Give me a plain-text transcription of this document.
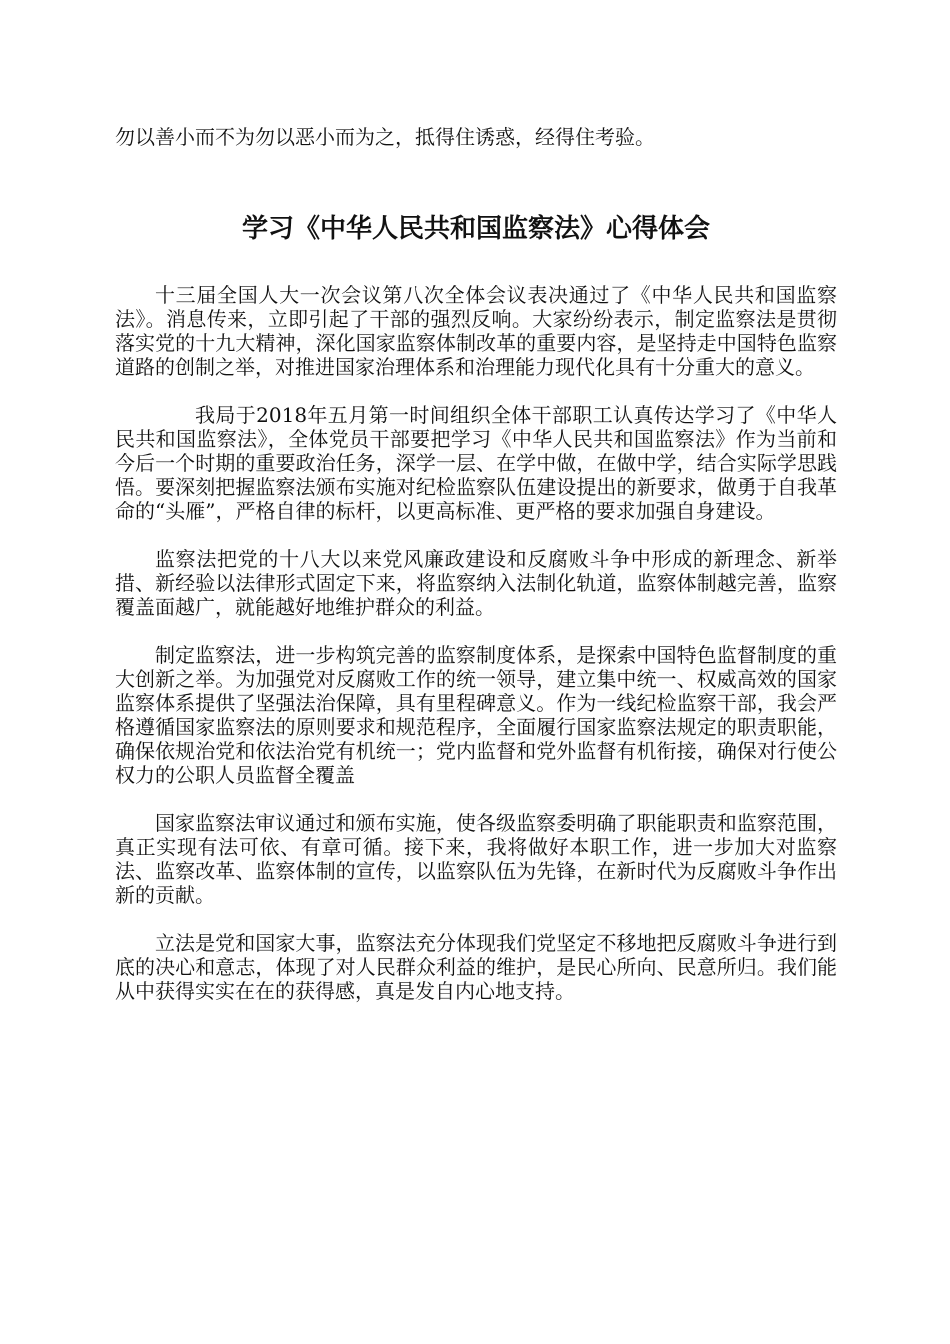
勿以善小而不为勿以恶小而为之，抵得住诱惑，经得住考验。

学习《中华人民共和国监察法》心得体会

十三届全国人大一次会议第八次全体会议表决通过了《中华人民共和国监察法》。消息传来，立即引起了干部的强烈反响。大家纷纷表示，制定监察法是贯彻落实党的十九大精神，深化国家监察体制改革的重要内容，是坚持走中国特色监察道路的创制之举，对推进国家治理体系和治理能力现代化具有十分重大的意义。

我局于2018年五月第一时间组织全体干部职工认真传达学习了《中华人民共和国监察法》，全体党员干部要把学习《中华人民共和国监察法》作为当前和今后一个时期的重要政治任务，深学一层、在学中做，在做中学，结合实际学思践悟。要深刻把握监察法颁布实施对纪检监察队伍建设提出的新要求，做勇于自我革命的“头雁”，严格自律的标杆，以更高标准、更严格的要求加强自身建设。

监察法把党的十八大以来党风廉政建设和反腐败斗争中形成的新理念、新举措、新经验以法律形式固定下来，将监察纳入法制化轨道，监察体制越完善，监察覆盖面越广，就能越好地维护群众的利益。

制定监察法，进一步构筑完善的监察制度体系，是探索中国特色监督制度的重大创新之举。为加强党对反腐败工作的统一领导，建立集中统一、权威高效的国家监察体系提供了坚强法治保障，具有里程碑意义。作为一线纪检监察干部，我会严格遵循国家监察法的原则要求和规范程序，全面履行国家监察法规定的职责职能，确保依规治党和依法治党有机统一；党内监督和党外监督有机衔接，确保对行使公权力的公职人员监督全覆盖

国家监察法审议通过和颁布实施，使各级监察委明确了职能职责和监察范围，真正实现有法可依、有章可循。接下来，我将做好本职工作，进一步加大对监察法、监察改革、监察体制的宣传，以监察队伍为先锋，在新时代为反腐败斗争作出新的贡献。

立法是党和国家大事，监察法充分体现我们党坚定不移地把反腐败斗争进行到底的决心和意志，体现了对人民群众利益的维护，是民心所向、民意所归。我们能从中获得实实在在的获得感，真是发自内心地支持。
